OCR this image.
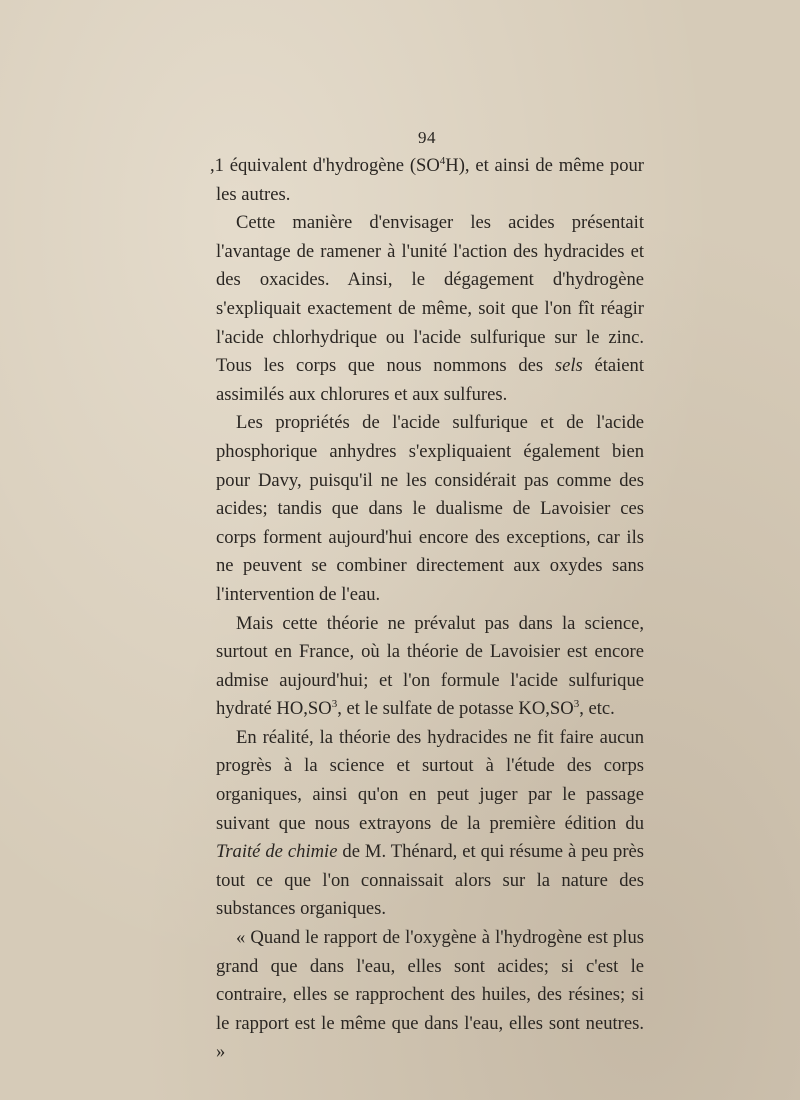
94

,1 équivalent d'hydrogène $(SO^4H)$, et ainsi de même pour les autres.

Cette manière d'envisager les acides présentait l'avantage de ramener à l'unité l'action des hydracides et des oxacides. Ainsi, le dégagement d'hydrogène s'expliquait exactement de même, soit que l'on fît réagir l'acide chlorhydrique ou l'acide sulfurique sur le zinc. Tous les corps que nous nommons des sels étaient assimilés aux chlorures et aux sulfures.

Les propriétés de l'acide sulfurique et de l'acide phosphorique anhydres s'expliquaient également bien pour Davy, puisqu'il ne les considérait pas comme des acides; tandis que dans le dualisme de Lavoisier ces corps forment aujourd'hui encore des exceptions, car ils ne peuvent se combiner directement aux oxydes sans l'intervention de l'eau.

Mais cette théorie ne prévalut pas dans la science, surtout en France, où la théorie de Lavoisier est encore admise aujourd'hui; et l'on formule l'acide sulfurique hydraté $HO,SO^3$, et le sulfate de potasse $KO,SO^3$, etc.

En réalité, la théorie des hydracides ne fit faire aucun progrès à la science et surtout à l'étude des corps organiques, ainsi qu'on en peut juger par le passage suivant que nous extrayons de la première édition du Traité de chimie de M. Thénard, et qui résume à peu près tout ce que l'on connaissait alors sur la nature des substances organiques.

« Quand le rapport de l'oxygène à l'hydrogène est plus grand que dans l'eau, elles sont acides; si c'est le contraire, elles se rapprochent des huiles, des résines; si le rapport est le même que dans l'eau, elles sont neutres. »
